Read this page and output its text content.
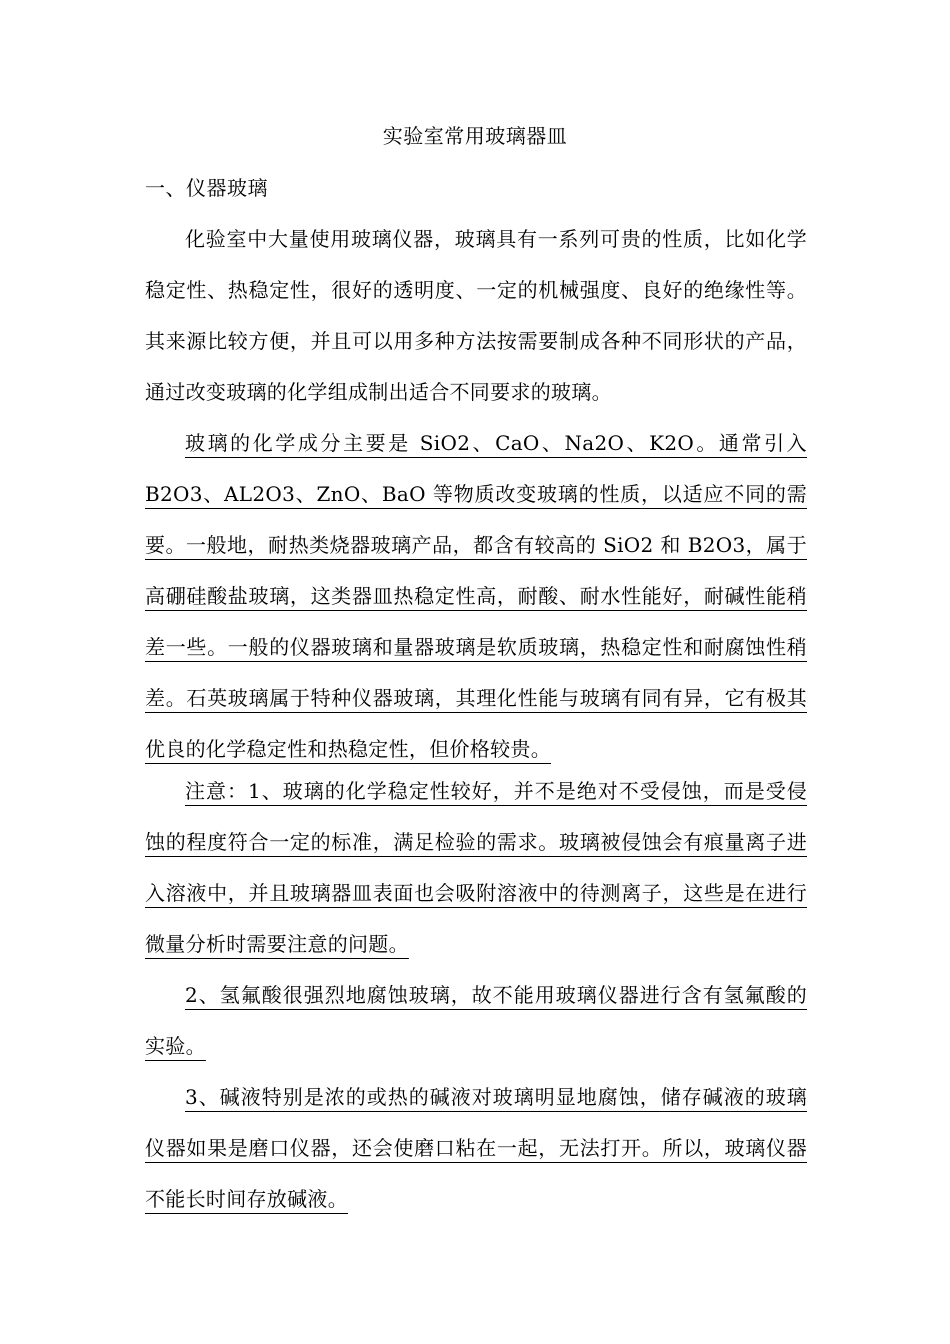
实验室常用玻璃器皿
一、仪器玻璃

化验室中大量使用玻璃仪器，玻璃具有一系列可贵的性质，比如化学稳定性、热稳定性，很好的透明度、一定的机械强度、良好的绝缘性等。其来源比较方便，并且可以用多种方法按需要制成各种不同形状的产品，通过改变玻璃的化学组成制出适合不同要求的玻璃。

玻璃的化学成分主要是 SiO2、CaO、Na2O、K2O。通常引入 B2O3、AL2O3、ZnO、BaO 等物质改变玻璃的性质，以适应不同的需要。一般地，耐热类烧器玻璃产品，都含有较高的 SiO2 和 B2O3，属于高硼硅酸盐玻璃，这类器皿热稳定性高，耐酸、耐水性能好，耐碱性能稍差一些。一般的仪器玻璃和量器玻璃是软质玻璃，热稳定性和耐腐蚀性稍差。石英玻璃属于特种仪器玻璃，其理化性能与玻璃有同有异，它有极其优良的化学稳定性和热稳定性，但价格较贵。

注意：1、玻璃的化学稳定性较好，并不是绝对不受侵蚀，而是受侵蚀的程度符合一定的标准，满足检验的需求。玻璃被侵蚀会有痕量离子进入溶液中，并且玻璃器皿表面也会吸附溶液中的待测离子，这些是在进行微量分析时需要注意的问题。

2、氢氟酸很强烈地腐蚀玻璃，故不能用玻璃仪器进行含有氢氟酸的实验。

3、碱液特别是浓的或热的碱液对玻璃明显地腐蚀，储存碱液的玻璃仪器如果是磨口仪器，还会使磨口粘在一起，无法打开。所以，玻璃仪器不能长时间存放碱液。
